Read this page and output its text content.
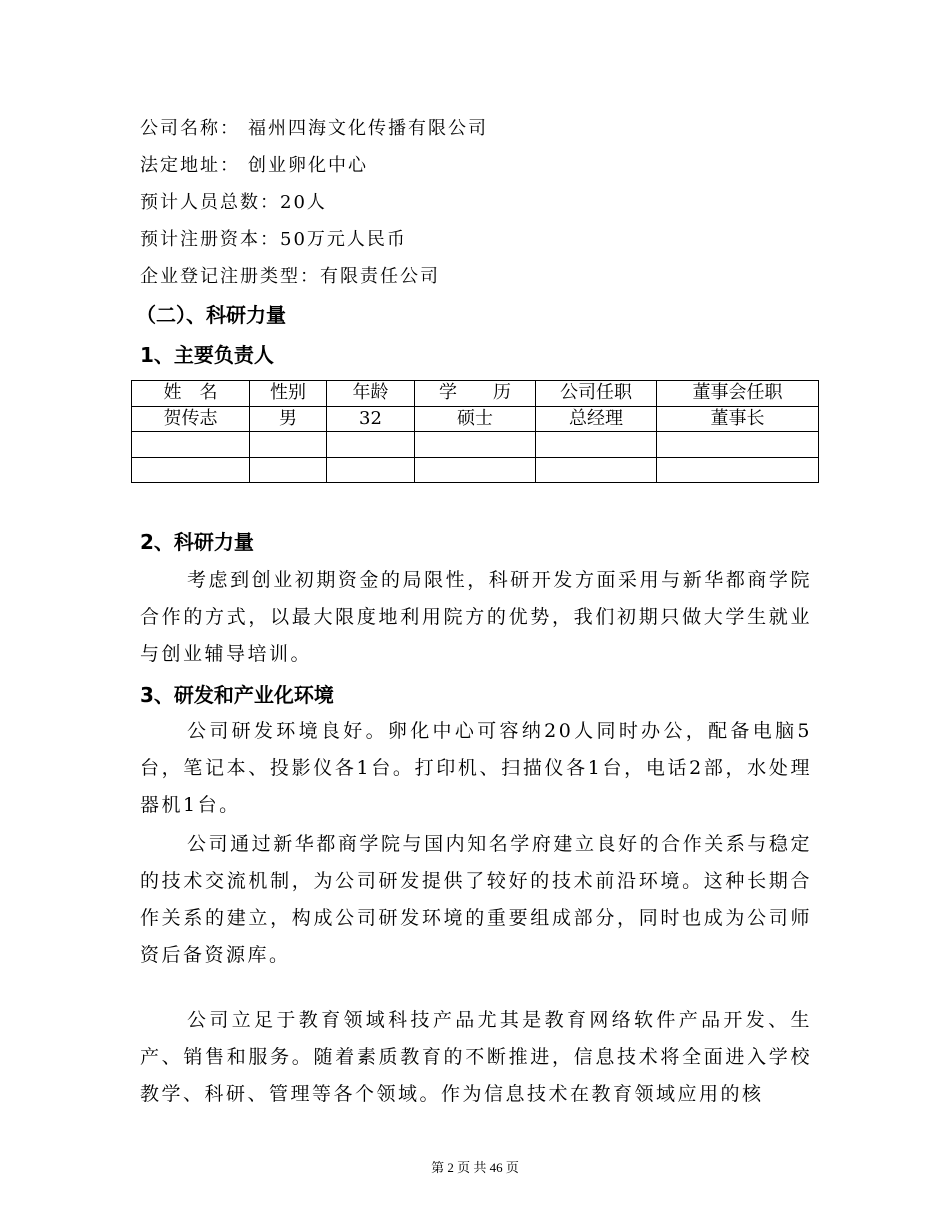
公司名称： 福州四海文化传播有限公司
法定地址： 创业卵化中心
预计人员总数：20人
预计注册资本：50万元人民币
企业登记注册类型：有限责任公司
（二）、科研力量
1、主要负责人
姓　名	性别	年龄	学　　历	公司任职	董事会任职
贺传志	男	32	硕士	总经理	董事长

2、科研力量
考虑到创业初期资金的局限性，科研开发方面采用与新华都商学院合作的方式，以最大限度地利用院方的优势，我们初期只做大学生就业与创业辅导培训。
3、研发和产业化环境
公司研发环境良好。卵化中心可容纳20人同时办公，配备电脑5台，笔记本、投影仪各1台。打印机、扫描仪各1台，电话2部，水处理器机1台。
公司通过新华都商学院与国内知名学府建立良好的合作关系与稳定的技术交流机制，为公司研发提供了较好的技术前沿环境。这种长期合作关系的建立，构成公司研发环境的重要组成部分，同时也成为公司师资后备资源库。
公司立足于教育领域科技产品尤其是教育网络软件产品开发、生产、销售和服务。随着素质教育的不断推进，信息技术将全面进入学校教学、科研、管理等各个领域。作为信息技术在教育领域应用的核
第 2 页 共 46 页
